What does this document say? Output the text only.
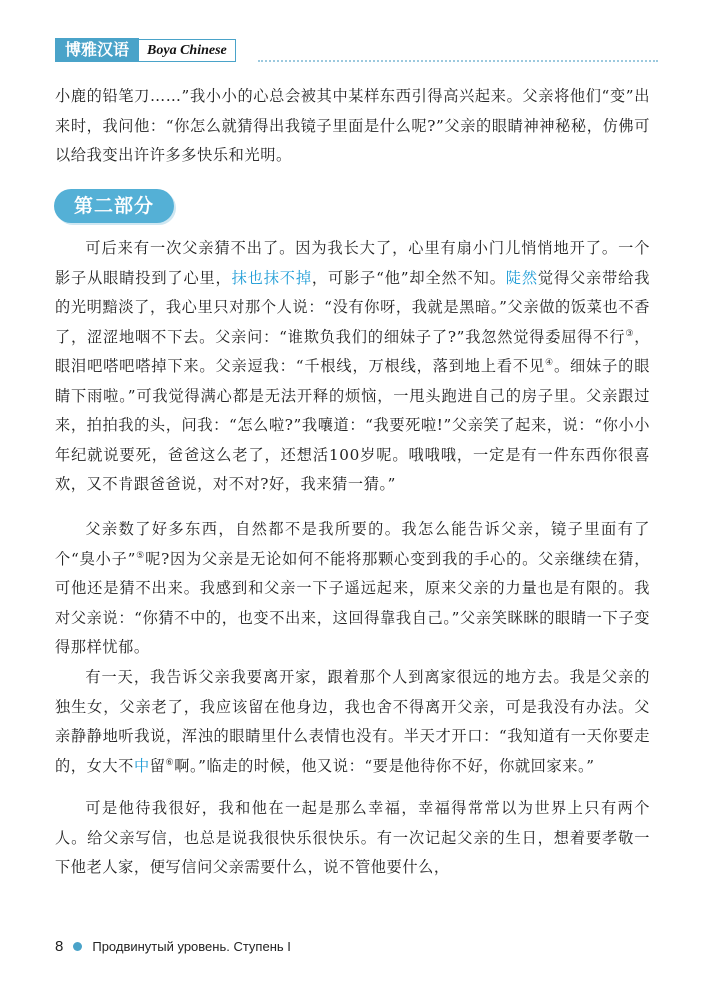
博雅汉语	Boya Chinese

小鹿的铅笔刀……”我小小的心总会被其中某样东西引得高兴起来。父亲将他们“变”出来时，我问他：“你怎么就猜得出我镜子里面是什么呢?”父亲的眼睛神神秘秘，仿佛可以给我变出许许多多快乐和光明。

第二部分

可后来有一次父亲猜不出了。因为我长大了，心里有扇小门儿悄悄地开了。一个影子从眼睛投到了心里，抹也抹不掉，可影子“他”却全然不知。陡然觉得父亲带给我的光明黯淡了，我心里只对那个人说：“没有你呀，我就是黑暗。”父亲做的饭菜也不香了，涩涩地咽不下去。父亲问：“谁欺负我们的细妹子了?”我忽然觉得委屈得不行③，眼泪吧嗒吧嗒掉下来。父亲逗我：“千根线，万根线，落到地上看不见④。细妹子的眼睛下雨啦。”可我觉得满心都是无法开释的烦恼，一甩头跑进自己的房子里。父亲跟过来，拍拍我的头，问我：“怎么啦?”我嚷道：“我要死啦!”父亲笑了起来，说：“你小小年纪就说要死，爸爸这么老了，还想活100岁呢。哦哦哦，一定是有一件东西你很喜欢，又不肯跟爸爸说，对不对?好，我来猜一猜。”

父亲数了好多东西，自然都不是我所要的。我怎么能告诉父亲，镜子里面有了个“臭小子”⑤呢?因为父亲是无论如何不能将那颗心变到我的手心的。父亲继续在猜，可他还是猜不出来。我感到和父亲一下子遥远起来，原来父亲的力量也是有限的。我对父亲说：“你猜不中的，也变不出来，这回得靠我自己。”父亲笑眯眯的眼睛一下子变得那样忧郁。

有一天，我告诉父亲我要离开家，跟着那个人到离家很远的地方去。我是父亲的独生女，父亲老了，我应该留在他身边，我也舍不得离开父亲，可是我没有办法。父亲静静地听我说，浑浊的眼睛里什么表情也没有。半天才开口：“我知道有一天你要走的，女大不中留⑥啊。”临走的时候，他又说：“要是他待你不好，你就回家来。”

可是他待我很好，我和他在一起是那么幸福，幸福得常常以为世界上只有两个人。给父亲写信，也总是说我很快乐很快乐。有一次记起父亲的生日，想着要孝敬一下他老人家，便写信问父亲需要什么，说不管他要什么，

8 Продвинутый уровень. Ступень I
